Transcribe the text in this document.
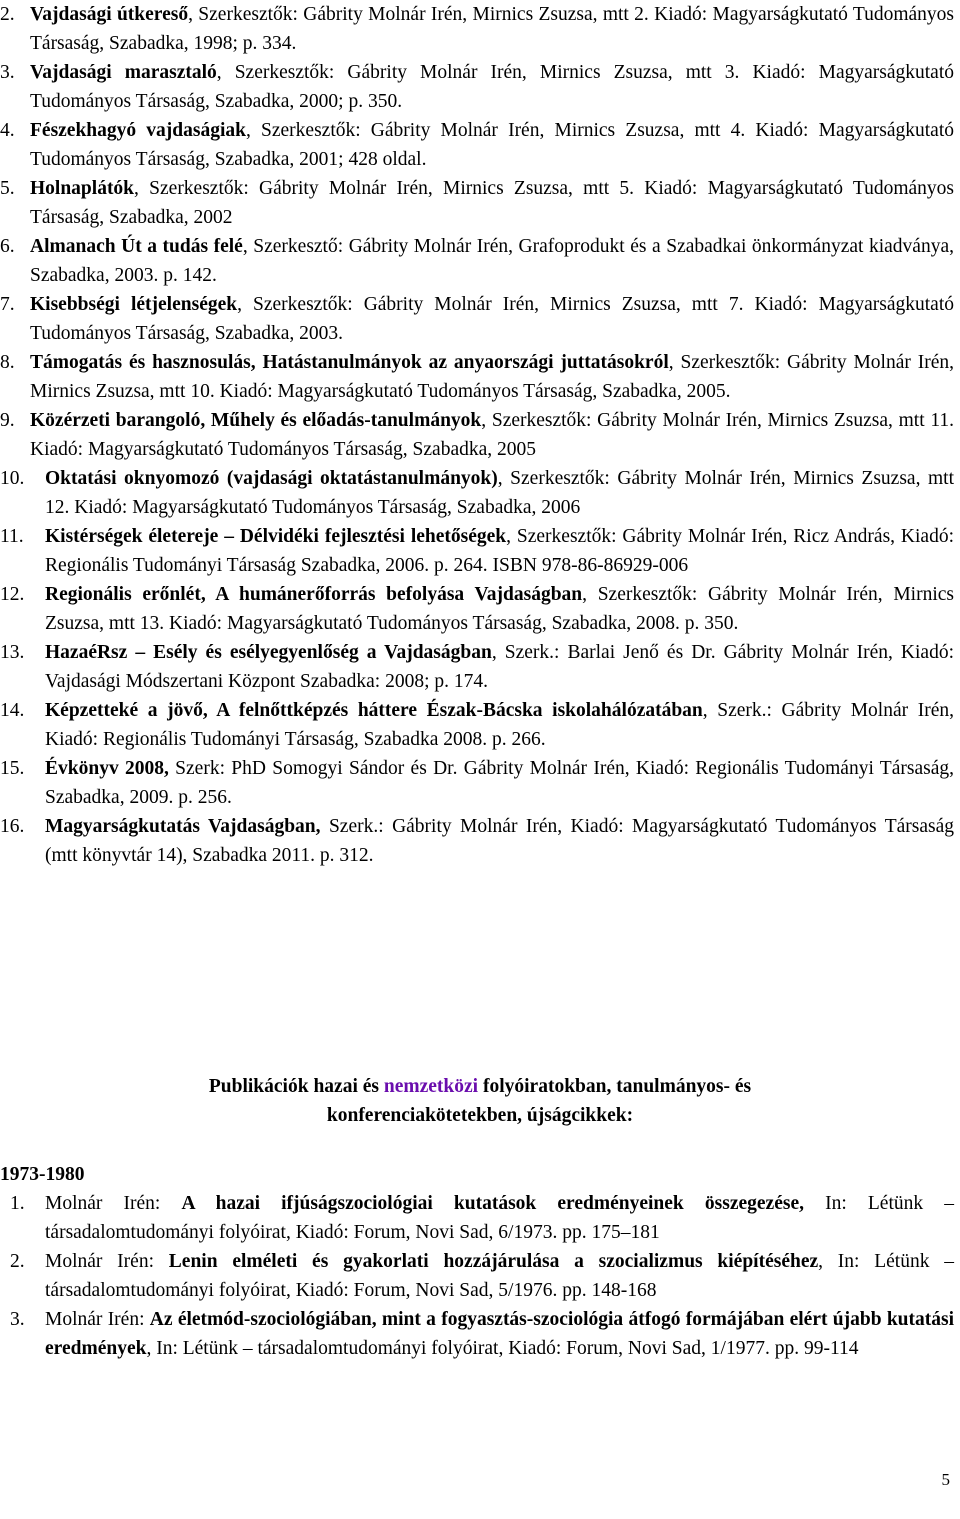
2. Vajdasági útkereső, Szerkesztők: Gábrity Molnár Irén, Mirnics Zsuzsa, mtt 2. Kiadó: Magyarságkutató Tudományos Társaság, Szabadka, 1998; p. 334.

3. Vajdasági marasztaló, Szerkesztők: Gábrity Molnár Irén, Mirnics Zsuzsa, mtt 3. Kiadó: Magyarságkutató Tudományos Társaság, Szabadka, 2000; p. 350.

4. Fészekhagyó vajdaságiak, Szerkesztők: Gábrity Molnár Irén, Mirnics Zsuzsa, mtt 4. Kiadó: Magyarságkutató Tudományos Társaság, Szabadka, 2001; 428 oldal.

5. Holnaplátók, Szerkesztők: Gábrity Molnár Irén, Mirnics Zsuzsa, mtt 5. Kiadó: Magyarságkutató Tudományos Társaság, Szabadka, 2002

6. Almanach Út a tudás felé, Szerkesztő: Gábrity Molnár Irén, Grafoprodukt és a Szabadkai önkormányzat kiadványa, Szabadka, 2003. p. 142.

7. Kisebbségi létjelenségek, Szerkesztők: Gábrity Molnár Irén, Mirnics Zsuzsa, mtt 7. Kiadó: Magyarságkutató Tudományos Társaság, Szabadka, 2003.

8. Támogatás és hasznosulás, Hatástanulmányok az anyaországi juttatásokról, Szerkesztők: Gábrity Molnár Irén, Mirnics Zsuzsa, mtt 10. Kiadó: Magyarságkutató Tudományos Társaság, Szabadka, 2005.

9. Közérzeti barangoló, Műhely és előadás-tanulmányok, Szerkesztők: Gábrity Molnár Irén, Mirnics Zsuzsa, mtt 11. Kiadó: Magyarságkutató Tudományos Társaság, Szabadka, 2005

10. Oktatási oknyomozó (vajdasági oktatástanulmányok), Szerkesztők: Gábrity Molnár Irén, Mirnics Zsuzsa, mtt 12. Kiadó: Magyarságkutató Tudományos Társaság, Szabadka, 2006

11. Kistérségek életereje – Délvidéki fejlesztési lehetőségek, Szerkesztők: Gábrity Molnár Irén, Ricz András, Kiadó: Regionális Tudományi Társaság Szabadka, 2006. p. 264. ISBN 978-86-86929-006

12. Regionális erőnlét, A humánerőforrás befolyása Vajdaságban, Szerkesztők: Gábrity Molnár Irén, Mirnics Zsuzsa, mtt 13. Kiadó: Magyarságkutató Tudományos Társaság, Szabadka, 2008. p. 350.

13. HazaéRsz – Esély és esélyegyenlőség a Vajdaságban, Szerk.: Barlai Jenő és Dr. Gábrity Molnár Irén, Kiadó: Vajdasági Módszertani Központ Szabadka: 2008; p. 174.

14. Képzetteké a jövő, A felnőttképzés háttere Észak-Bácska iskolahálózatában, Szerk.: Gábrity Molnár Irén, Kiadó: Regionális Tudományi Társaság, Szabadka 2008. p. 266.

15. Évkönyv 2008, Szerk: PhD Somogyi Sándor és Dr. Gábrity Molnár Irén, Kiadó: Regionális Tudományi Társaság, Szabadka, 2009. p. 256.

16. Magyarságkutatás Vajdaságban, Szerk.: Gábrity Molnár Irén, Kiadó: Magyarságkutató Tudományos Társaság (mtt könyvtár 14), Szabadka 2011. p. 312.

Publikációk hazai és nemzetközi folyóiratokban, tanulmányos- és
konferenciakötetekben, újságcikkek:
1973-1980

1. Molnár Irén: A hazai ifjúságszociológiai kutatások eredményeinek összegezése, In: Létünk – társadalomtudományi folyóirat, Kiadó: Forum, Novi Sad, 6/1973. pp. 175–181

2. Molnár Irén: Lenin elméleti és gyakorlati hozzájárulása a szocializmus kiépítéséhez, In: Létünk – társadalomtudományi folyóirat, Kiadó: Forum, Novi Sad, 5/1976. pp. 148-168

3. Molnár Irén: Az életmód-szociológiában, mint a fogyasztás-szociológia átfogó formájában elért újabb kutatási eredmények, In: Létünk – társadalomtudományi folyóirat, Kiadó: Forum, Novi Sad, 1/1977. pp. 99-114

5
